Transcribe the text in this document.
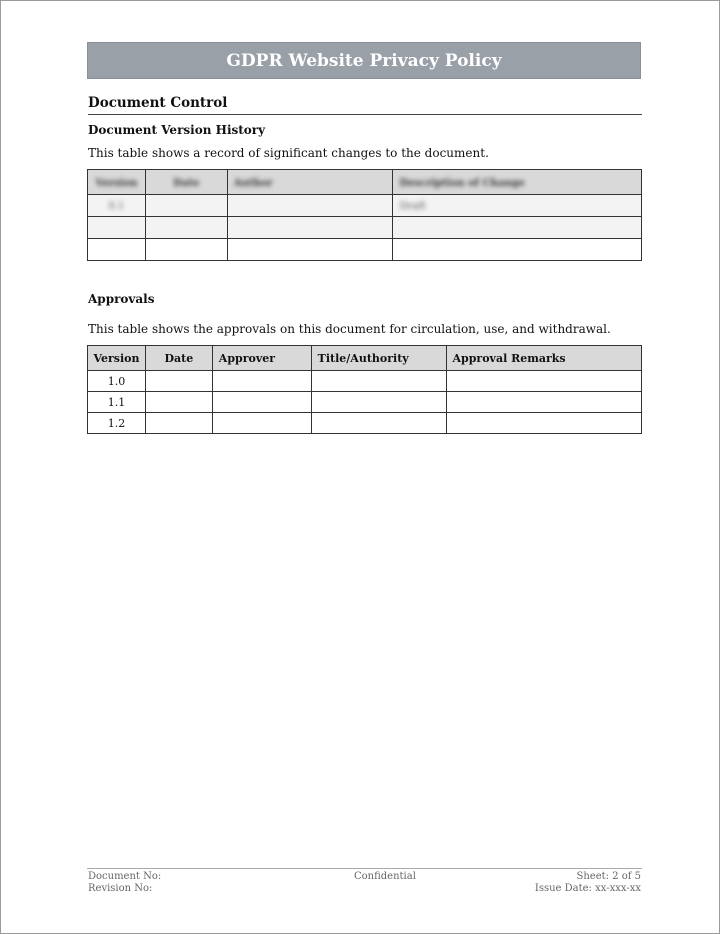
GDPR Website Privacy Policy
Document Control
Document Version History
This table shows a record of significant changes to the document.
Version	Date	Author	Description of Change
0.1			Draft

Approvals
This table shows the approvals on this document for circulation, use, and withdrawal.
Version	Date	Approver	Title/Authority	Approval Remarks
1.0				
1.1				
1.2				
Document No:
Revision No:
Confidential	Sheet: 2 of 5
Issue Date: xx-xxx-xx
